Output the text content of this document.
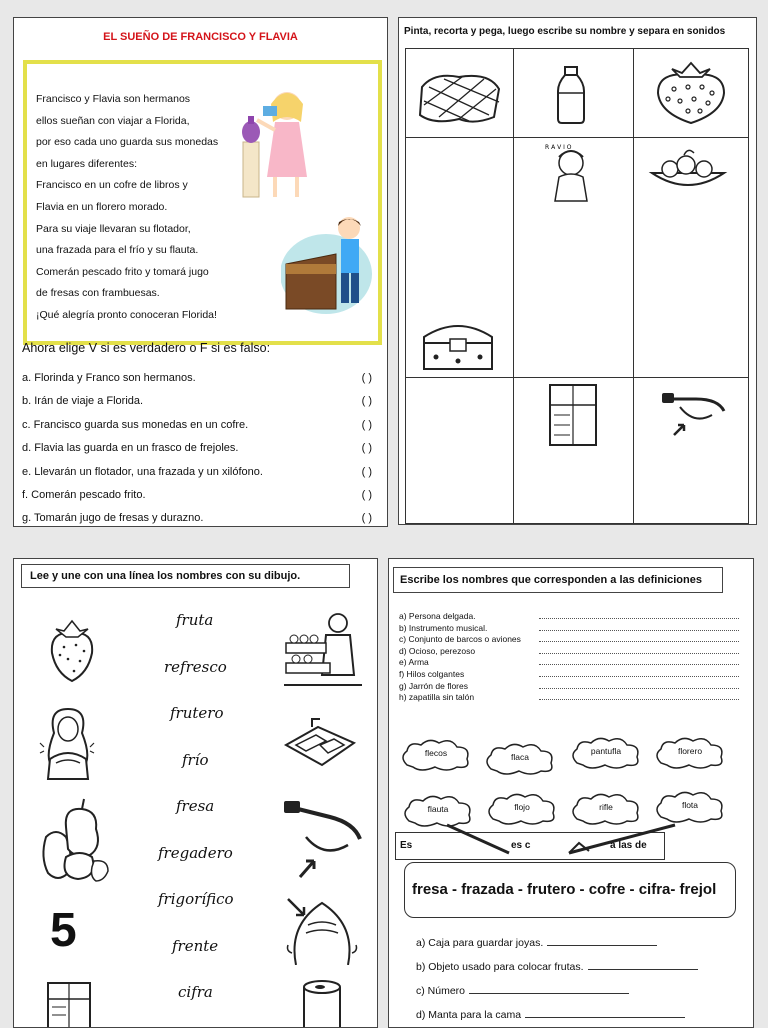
EL SUEÑO DE FRANCISCO Y FLAVIA
Francisco y Flavia son hermanos
ellos sueñan con viajar a Florida,
por eso cada uno guarda sus monedas
en lugares diferentes:
Francisco en un cofre de libros y
Flavia en un florero morado.
Para su viaje llevaran su flotador,
una frazada para el frío y su flauta.
Comerán pescado frito y tomará jugo
de fresas con frambuesas.
¡Qué alegría pronto conoceran Florida!
Ahora elige V si es verdadero o F si es falso:
a. Florinda y Franco son hermanos.	( )
b. Irán de viaje a Florida.	( )
c. Francisco guarda sus monedas en un cofre.	( )
d. Flavia las guarda en un frasco de frejoles.	( )
e. Llevarán un flotador, una frazada y un xilófono.	( )
f. Comerán pescado frito.	( )
g. Tomarán jugo de fresas y durazno.	( )
Pinta, recorta y pega, luego escribe su nombre y separa en sonidos
R A V I O
Lee y une con una línea los nombres con su dibujo.
5
fruta
refresco
frutero
frío
fresa
fregadero
frigorífico
frente
cifra
Escribe los nombres que corresponden a las definiciones
a) Persona delgada.
b) Instrumento musical.
c) Conjunto de barcos o aviones
d) Ocioso, perezoso
e) Arma
f) Hilos colgantes
g) Jarrón de flores
h) zapatilla sin talón
flecos	flaca
pantufla	florero
flauta	flojo	rifle	flota
Es	es c	a las de
fresa - frazada - frutero - cofre - cifra- frejol
a) Caja para guardar joyas.
b) Objeto usado para colocar frutas.
c) Número
d) Manta para la cama
